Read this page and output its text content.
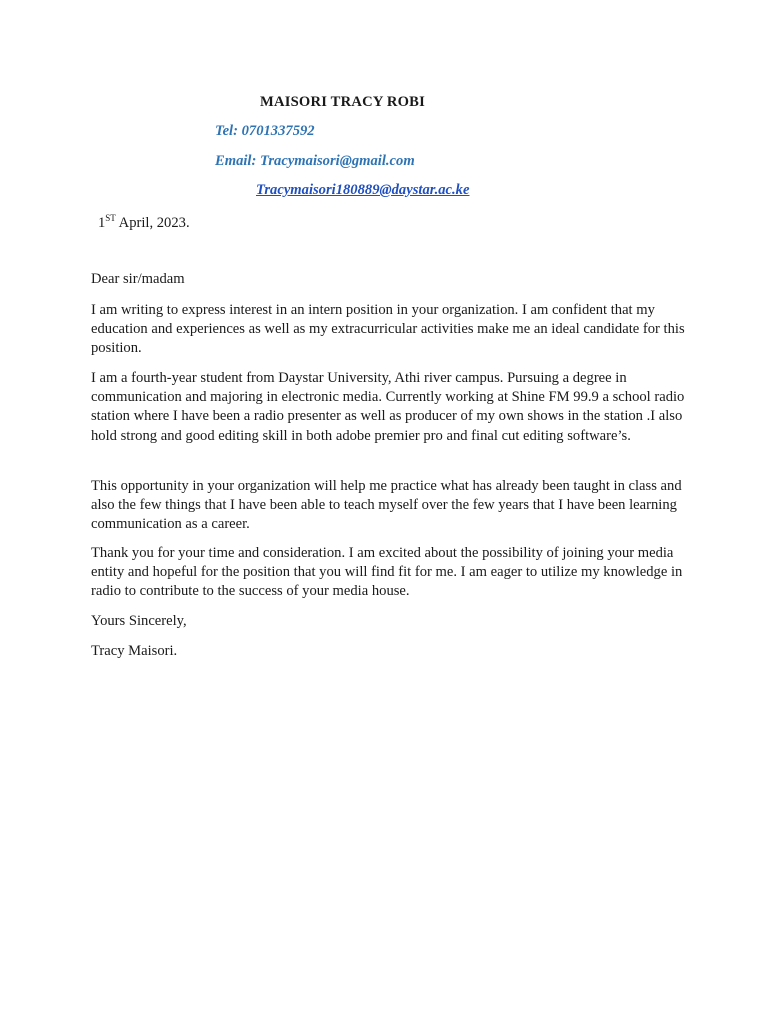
MAISORI TRACY ROBI
Tel: 0701337592
Email: Tracymaisori@gmail.com
Tracymaisori180889@daystar.ac.ke
1ST April, 2023.
Dear sir/madam
I am writing to express interest in an intern position in your organization. I am confident that my education and experiences as well as my extracurricular activities make me an ideal candidate for this position.
I am a fourth-year student from Daystar University, Athi river campus. Pursuing a degree in communication and majoring in electronic media. Currently working at Shine FM 99.9 a school radio station where I have been a radio presenter as well as producer of my own shows in the station .I also hold strong and good editing skill in both adobe premier pro and final cut editing software’s.
This opportunity in your organization will help me practice what has already been taught in class and also the few things that I have been able to teach myself over the few years that I have been learning communication as a career.
Thank you for your time and consideration. I am excited about the possibility of joining your media entity and hopeful for the position that you will find fit for me. I am eager to utilize my knowledge in radio to contribute to the success of your media house.
Yours Sincerely,
Tracy Maisori.
